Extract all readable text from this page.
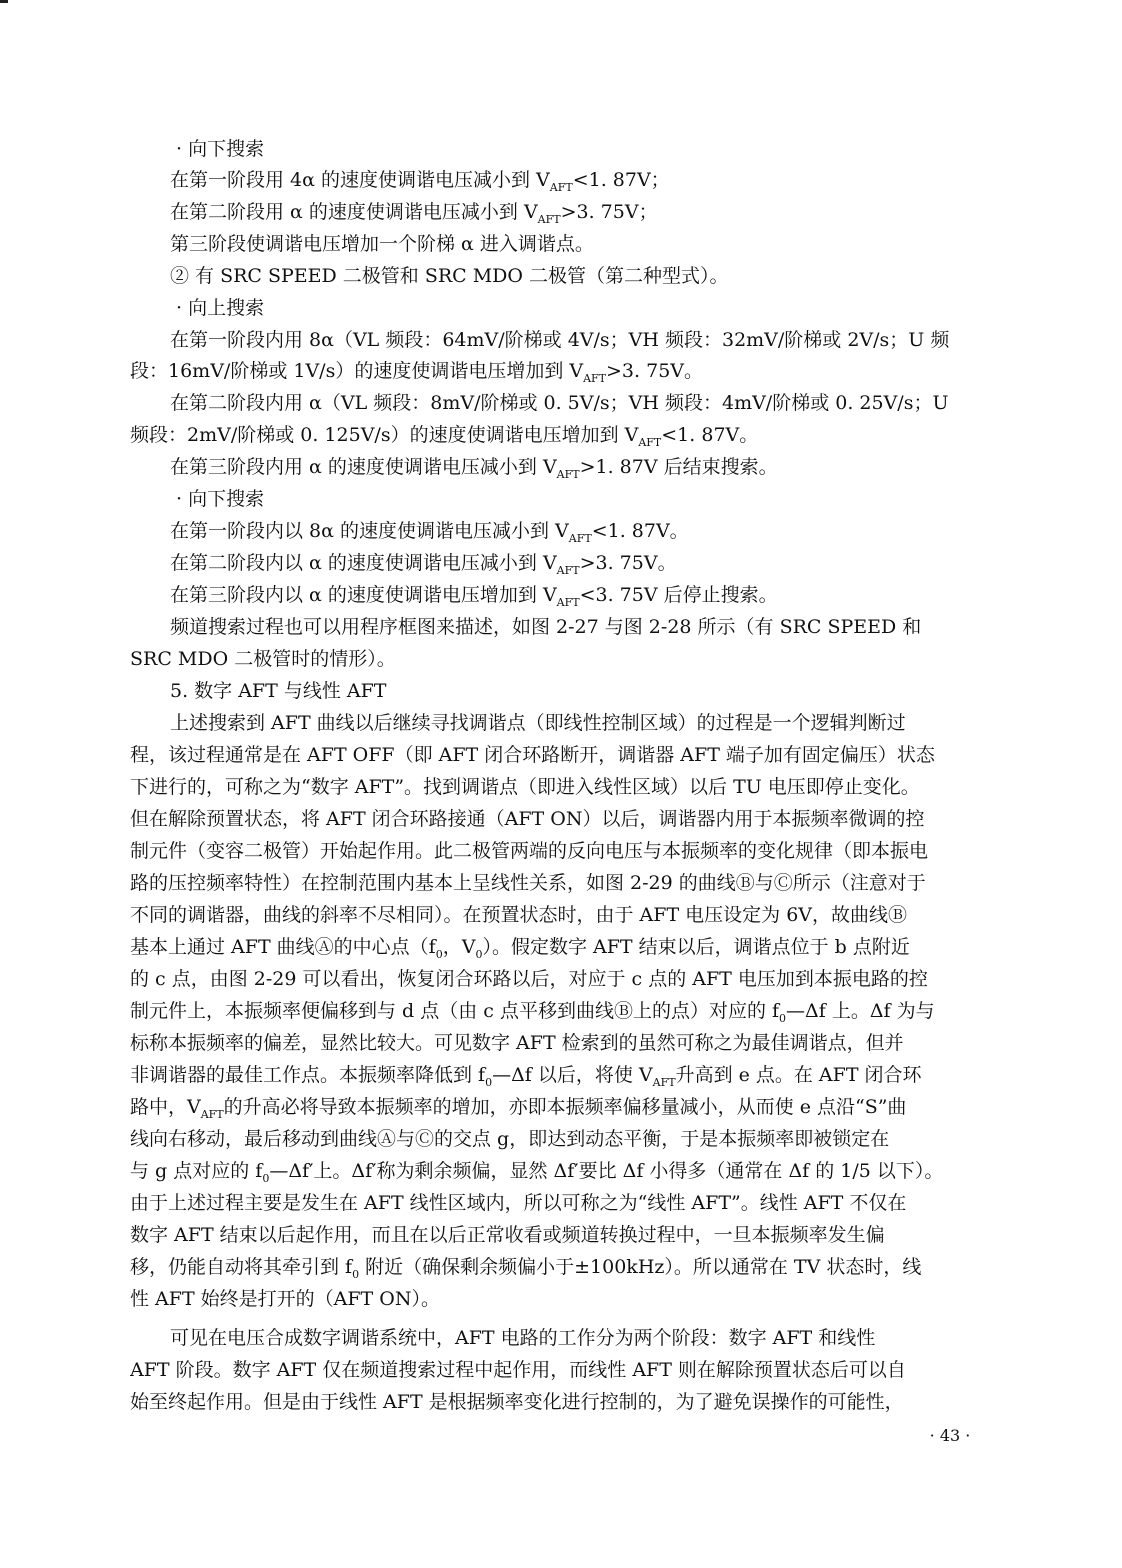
· 向下搜索
在第一阶段用 4α 的速度使调谐电压减小到 $V_{AFT}<1$. 87V；
在第二阶段用 α 的速度使调谐电压减小到 $V_{AFT}>3$. 75V；
第三阶段使调谐电压增加一个阶梯 α 进入调谐点。
② 有 SRC SPEED 二极管和 SRC MDO 二极管（第二种型式）。
· 向上搜索
在第一阶段内用 8α（VL 频段：64mV/阶梯或 4V/s；VH 频段：32mV/阶梯或 2V/s；U 频
段：16mV/阶梯或 1V/s）的速度使调谐电压增加到 $V_{AFT}>3$. 75V。
在第二阶段内用 α（VL 频段：8mV/阶梯或 0. 5V/s；VH 频段：4mV/阶梯或 0. 25V/s；U
频段：2mV/阶梯或 0. 125V/s）的速度使调谐电压增加到 $V_{AFT}<1$. 87V。
在第三阶段内用 α 的速度使调谐电压减小到 $V_{AFT}>1$. 87V 后结束搜索。
· 向下搜索
在第一阶段内以 8α 的速度使调谐电压减小到 $V_{AFT}<1$. 87V。
在第二阶段内以 α 的速度使调谐电压减小到 $V_{AFT}>3$. 75V。
在第三阶段内以 α 的速度使调谐电压增加到 $V_{AFT}<3$. 75V 后停止搜索。
频道搜索过程也可以用程序框图来描述，如图 2-27 与图 2-28 所示（有 SRC SPEED 和
SRC MDO 二极管时的情形）。
5. 数字 AFT 与线性 AFT
上述搜索到 AFT 曲线以后继续寻找调谐点（即线性控制区域）的过程是一个逻辑判断过
程，该过程通常是在 AFT OFF（即 AFT 闭合环路断开，调谐器 AFT 端子加有固定偏压）状态
下进行的，可称之为“数字 AFT”。找到调谐点（即进入线性区域）以后 TU 电压即停止变化。
但在解除预置状态，将 AFT 闭合环路接通（AFT ON）以后，调谐器内用于本振频率微调的控
制元件（变容二极管）开始起作用。此二极管两端的反向电压与本振频率的变化规律（即本振电
路的压控频率特性）在控制范围内基本上呈线性关系，如图 2-29 的曲线Ⓑ与Ⓒ所示（注意对于
不同的调谐器，曲线的斜率不尽相同）。在预置状态时，由于 AFT 电压设定为 6V，故曲线Ⓑ
基本上通过 AFT 曲线Ⓐ的中心点（$f_0$，$V_0$）。假定数字 AFT 结束以后，调谐点位于 b 点附近
的 c 点，由图 2-29 可以看出，恢复闭合环路以后，对应于 c 点的 AFT 电压加到本振电路的控
制元件上，本振频率便偏移到与 d 点（由 c 点平移到曲线Ⓑ上的点）对应的 $f_0—\Delta f$ 上。Δf 为与
标称本振频率的偏差，显然比较大。可见数字 AFT 检索到的虽然可称之为最佳调谐点，但并
非调谐器的最佳工作点。本振频率降低到 $f_0—\Delta f$ 以后，将使 $V_{AFT}$升高到 e 点。在 AFT 闭合环
路中，$V_{AFT}$的升高必将导致本振频率的增加，亦即本振频率偏移量减小，从而使 e 点沿“S”曲
线向右移动，最后移动到曲线Ⓐ与Ⓒ的交点 g，即达到动态平衡，于是本振频率即被锁定在
与 g 点对应的 $f_0—\Delta f'$上。Δf′称为剩余频偏，显然 Δf′要比 Δf 小得多（通常在 Δf 的 1/5 以下）。
由于上述过程主要是发生在 AFT 线性区域内，所以可称之为“线性 AFT”。线性 AFT 不仅在
数字 AFT 结束以后起作用，而且在以后正常收看或频道转换过程中，一旦本振频率发生偏
移，仍能自动将其牵引到 $f_0$ 附近（确保剩余频偏小于±100kHz）。所以通常在 TV 状态时，线
性 AFT 始终是打开的（AFT ON）。
可见在电压合成数字调谐系统中，AFT 电路的工作分为两个阶段：数字 AFT 和线性
AFT 阶段。数字 AFT 仅在频道搜索过程中起作用，而线性 AFT 则在解除预置状态后可以自
始至终起作用。但是由于线性 AFT 是根据频率变化进行控制的，为了避免误操作的可能性，
· 43 ·
